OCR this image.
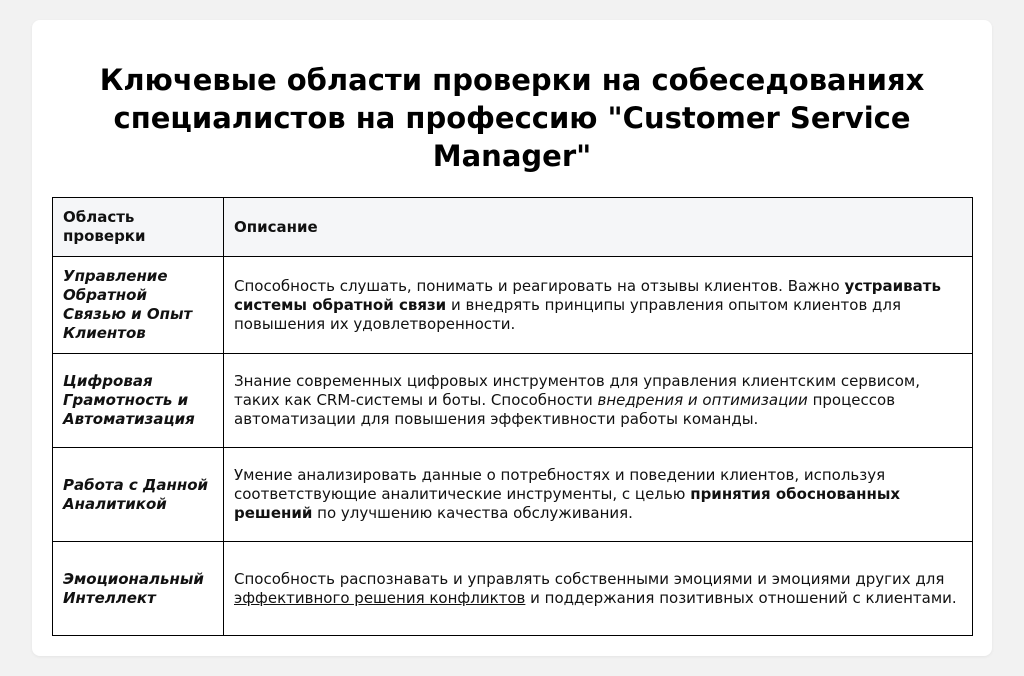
Ключевые области проверки на собеседованиях специалистов на профессию "Customer Service Manager"
Область проверки	Описание
Управление Обратной Связью и Опыт Клиентов	Способность слушать, понимать и реагировать на отзывы клиентов. Важно устраивать системы обратной связи и внедрять принципы управления опытом клиентов для повышения их удовлетворенности.
Цифровая Грамотность и Автоматизация	Знание современных цифровых инструментов для управления клиентским сервисом, таких как CRM-системы и боты. Способности внедрения и оптимизации процессов автоматизации для повышения эффективности работы команды.
Работа с Данной Аналитикой	Умение анализировать данные о потребностях и поведении клиентов, используя соответствующие аналитические инструменты, с целью принятия обоснованных решений по улучшению качества обслуживания.
Эмоциональный Интеллект	Способность распознавать и управлять собственными эмоциями и эмоциями других для эффективного решения конфликтов и поддержания позитивных отношений с клиентами.
